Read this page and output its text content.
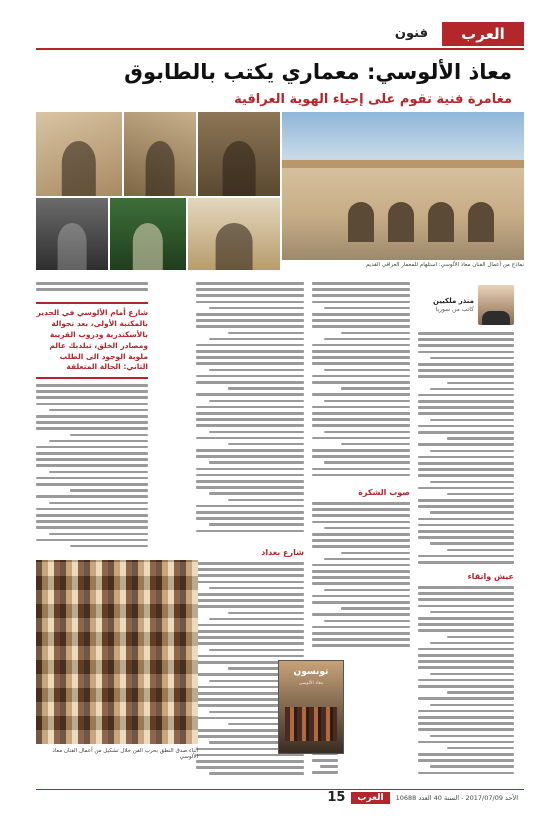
العرب
فنون
معاذ الألوسي: معماري يكتب بالطابوق
مغامرة فنية تقوم على إحياء الهوية العراقية
نماذج من أعمال الفنان معاذ الألوسي: استلهام للمعمار العراقي القديم
منذر ملكيين
كاتب من سوريا
عيش واتقاء
صوب الشكرة
شارع بغداد
شارع أمام الألوسي في الجدير بالمكتبة الأولى، بعد تجوالة بالأسكندرية ودروب القريبة ومصادر الخلق، تبلدبك عالم ملوبة الوجود الى الطلب الثاني: الحالة المتعلقة
أثناء صدق النطق بحرب الفن خلال تشكيل من أعمال الفنان معاذ الألوسي
تونسون
معاذ الألوسي
15	العرب	الأحد 2017/07/09 - السنة 40 العدد 10688
